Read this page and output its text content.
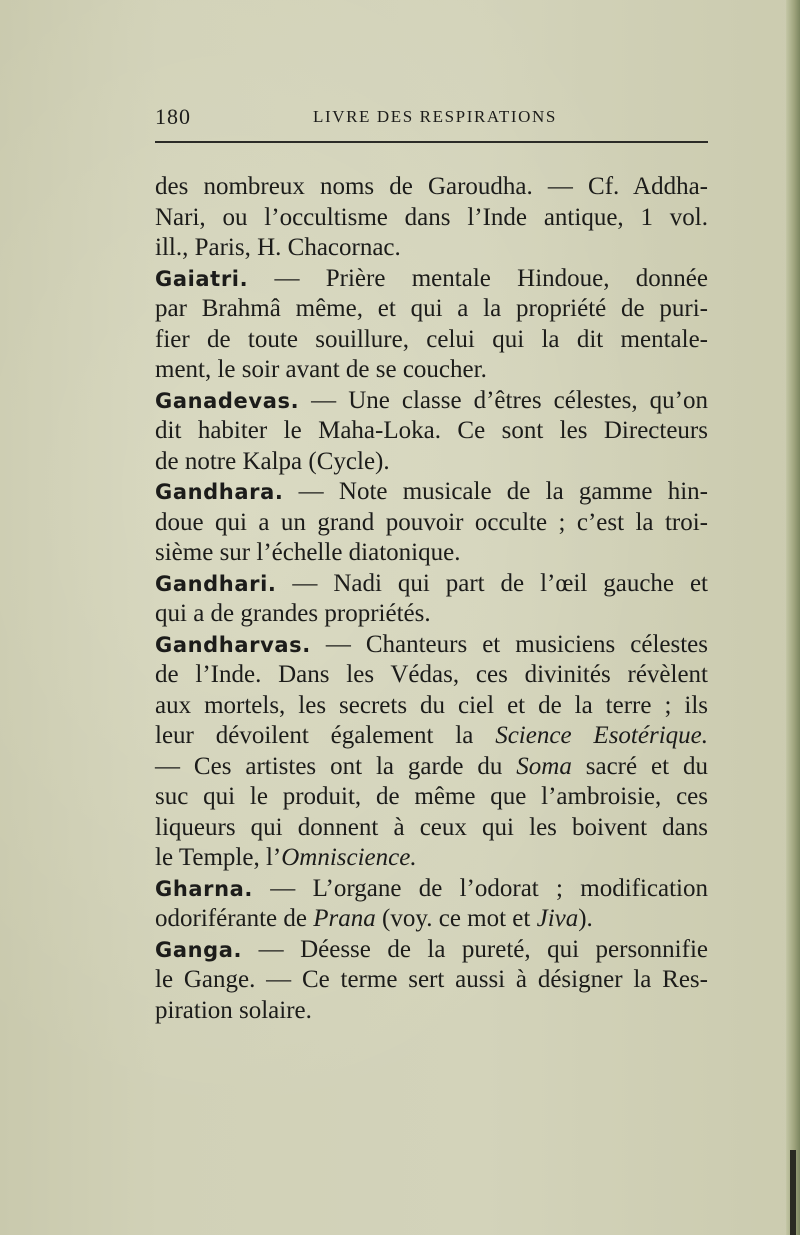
180	LIVRE DES RESPIRATIONS
des nombreux noms de Garoudha. — Cf. Addha-
Nari, ou l’occultisme dans l’Inde antique, 1 vol.
ill., Paris, H. Chacornac.
Gaiatri. — Prière mentale Hindoue, donnée
par Brahmâ même, et qui a la propriété de puri-
fier de toute souillure, celui qui la dit mentale-
ment, le soir avant de se coucher.
Ganadevas. — Une classe d’êtres célestes, qu’on
dit habiter le Maha-Loka. Ce sont les Directeurs
de notre Kalpa (Cycle).
Gandhara. — Note musicale de la gamme hin-
doue qui a un grand pouvoir occulte ; c’est la troi-
sième sur l’échelle diatonique.
Gandhari. — Nadi qui part de l’œil gauche et
qui a de grandes propriétés.
Gandharvas. — Chanteurs et musiciens célestes
de l’Inde. Dans les Védas, ces divinités révèlent
aux mortels, les secrets du ciel et de la terre ; ils
leur dévoilent également la Science Esotérique.
— Ces artistes ont la garde du Soma sacré et du
suc qui le produit, de même que l’ambroisie, ces
liqueurs qui donnent à ceux qui les boivent dans
le Temple, l’Omniscience.
Gharna. — L’organe de l’odorat ; modification
odoriférante de Prana (voy. ce mot et Jiva).
Ganga. — Déesse de la pureté, qui personnifie
le Gange. — Ce terme sert aussi à désigner la Res-
piration solaire.
